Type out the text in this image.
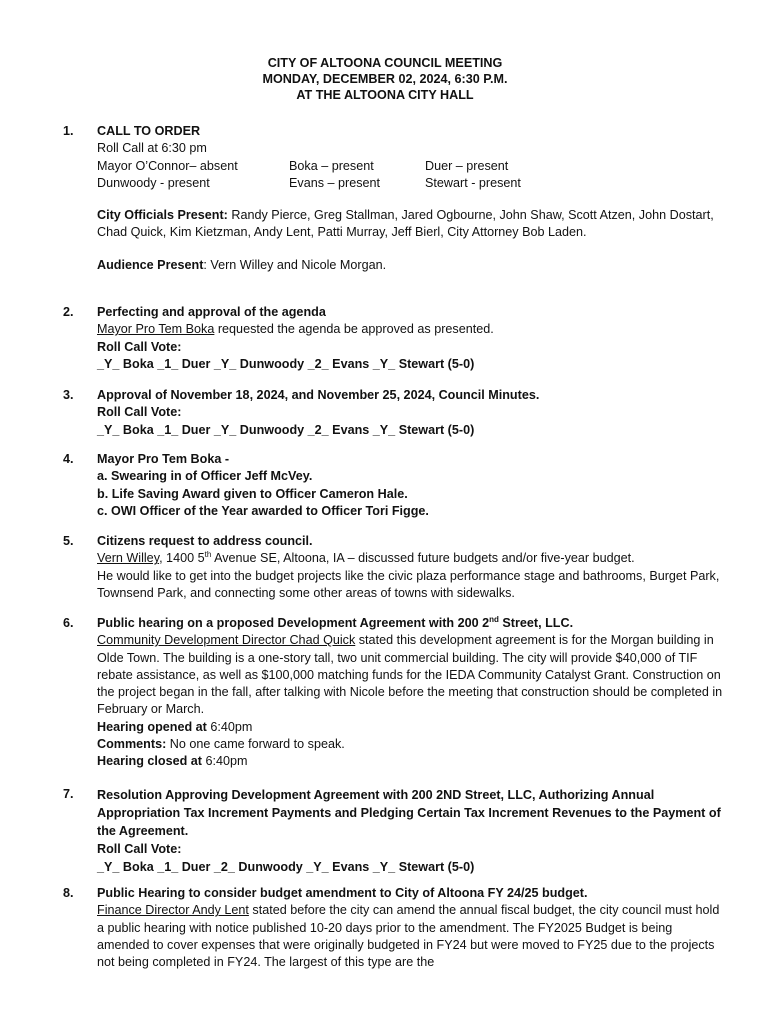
CITY OF ALTOONA COUNCIL MEETING
MONDAY, DECEMBER 02, 2024, 6:30 P.M.
AT THE ALTOONA CITY HALL
1. CALL TO ORDER
Roll Call at 6:30 pm
Mayor O’Connor– absent	Boka – present	Duer – present
Dunwoody - present	Evans – present	Stewart - present
City Officials Present: Randy Pierce, Greg Stallman, Jared Ogbourne, John Shaw, Scott Atzen, John Dostart, Chad Quick, Kim Kietzman, Andy Lent, Patti Murray, Jeff Bierl, City Attorney Bob Laden.
Audience Present: Vern Willey and Nicole Morgan.
2. Perfecting and approval of the agenda
Mayor Pro Tem Boka requested the agenda be approved as presented.
Roll Call Vote:
_Y_ Boka _1_ Duer _Y_ Dunwoody _2_ Evans _Y_ Stewart (5-0)
3. Approval of November 18, 2024, and November 25, 2024, Council Minutes.
Roll Call Vote:
_Y_ Boka _1_ Duer _Y_ Dunwoody _2_ Evans _Y_ Stewart (5-0)
4. Mayor Pro Tem Boka -
a. Swearing in of Officer Jeff McVey.
b. Life Saving Award given to Officer Cameron Hale.
c. OWI Officer of the Year awarded to Officer Tori Figge.
5. Citizens request to address council.
Vern Willey, 1400 5th Avenue SE, Altoona, IA – discussed future budgets and/or five-year budget.
He would like to get into the budget projects like the civic plaza performance stage and bathrooms, Burget Park, Townsend Park, and connecting some other areas of towns with sidewalks.
6. Public hearing on a proposed Development Agreement with 200 2nd Street, LLC.
Community Development Director Chad Quick stated this development agreement is for the Morgan building in Olde Town. The building is a one-story tall, two unit commercial building. The city will provide $40,000 of TIF rebate assistance, as well as $100,000 matching funds for the IEDA Community Catalyst Grant. Construction on the project began in the fall, after talking with Nicole before the meeting that construction should be completed in February or March.
Hearing opened at 6:40pm
Comments: No one came forward to speak.
Hearing closed at 6:40pm
7. Resolution Approving Development Agreement with 200 2ND Street, LLC, Authorizing Annual Appropriation Tax Increment Payments and Pledging Certain Tax Increment Revenues to the Payment of the Agreement.
Roll Call Vote:
_Y_ Boka _1_ Duer _2_ Dunwoody _Y_ Evans _Y_ Stewart (5-0)
8. Public Hearing to consider budget amendment to City of Altoona FY 24/25 budget.
Finance Director Andy Lent stated before the city can amend the annual fiscal budget, the city council must hold a public hearing with notice published 10-20 days prior to the amendment. The FY2025 Budget is being amended to cover expenses that were originally budgeted in FY24 but were moved to FY25 due to the projects not being completed in FY24. The largest of this type are the
